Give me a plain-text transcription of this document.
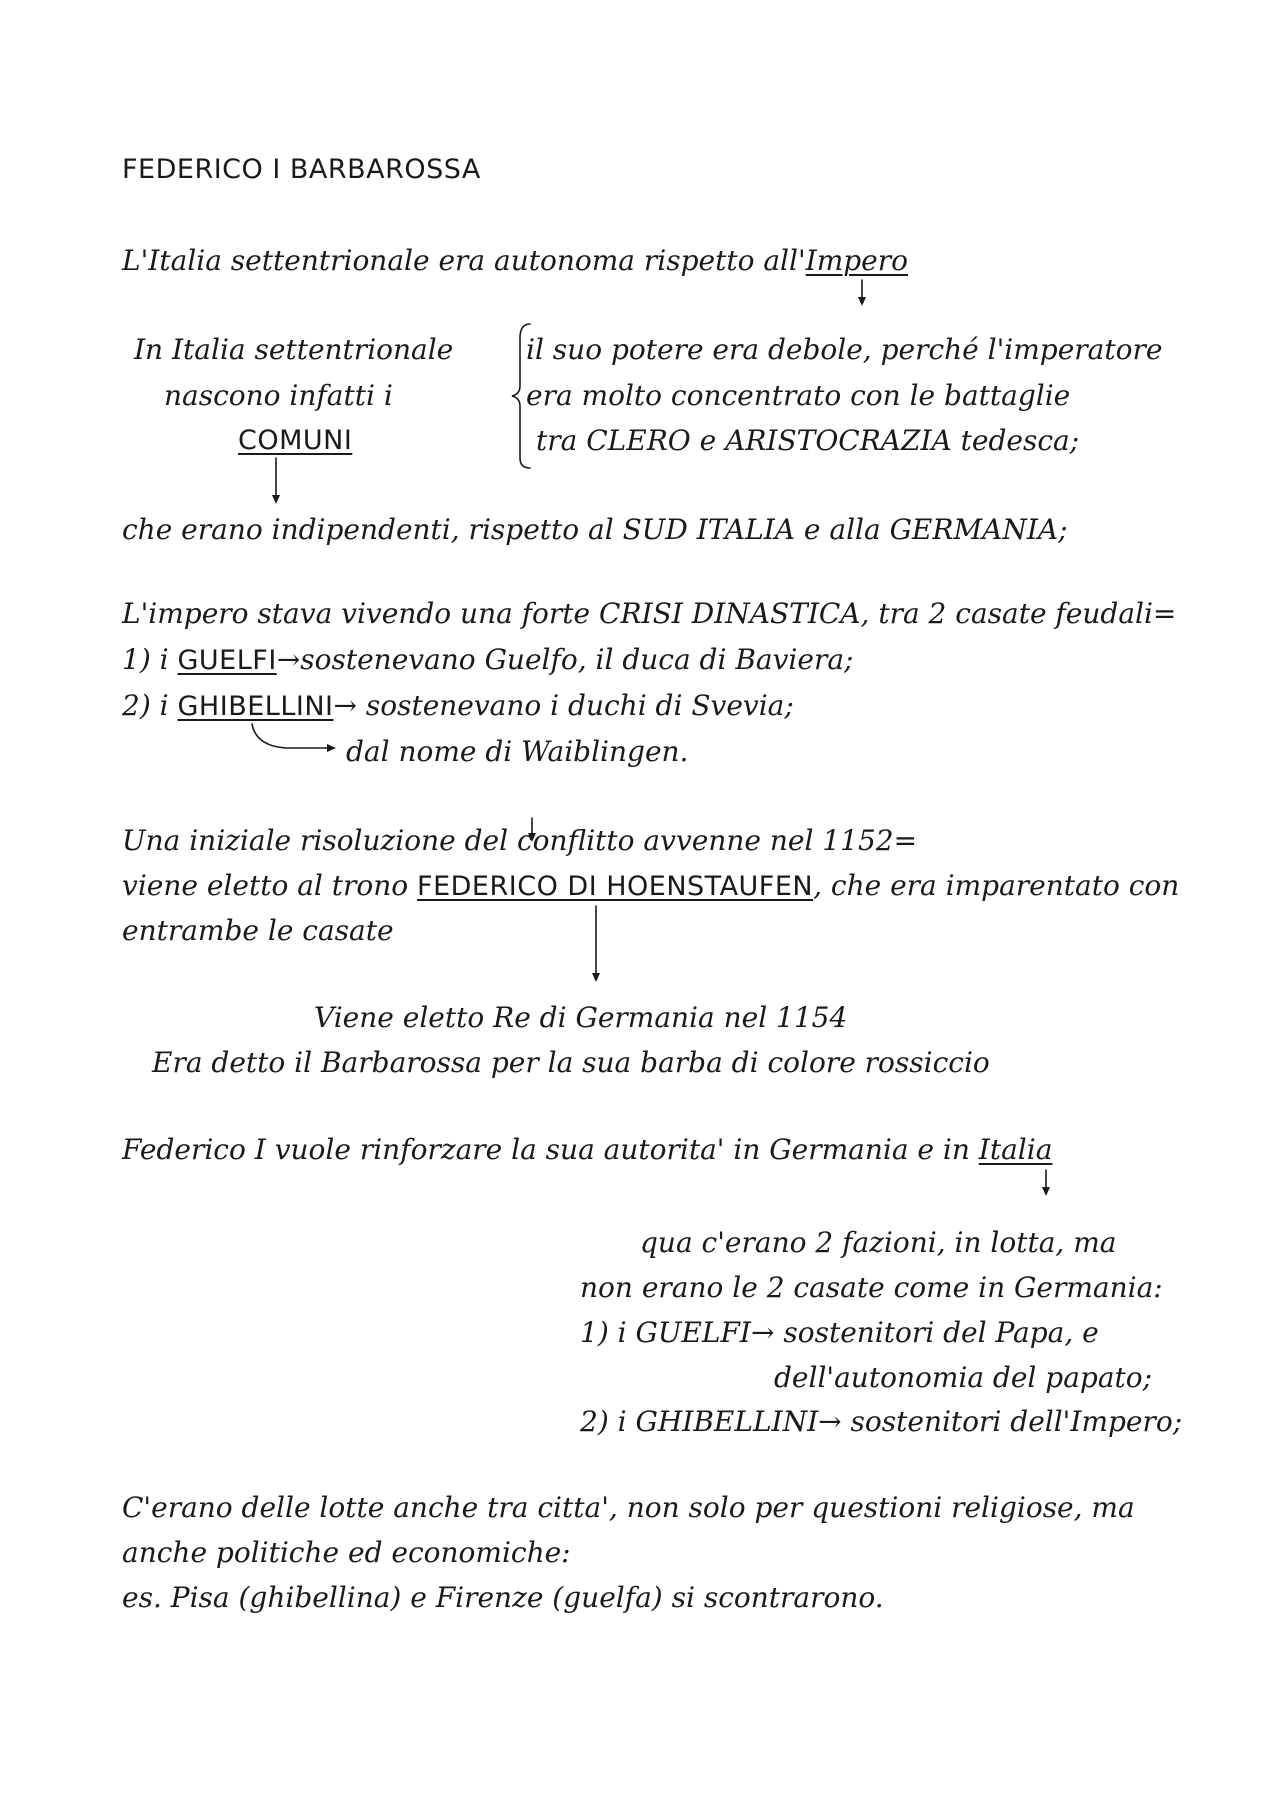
FEDERICO I BARBAROSSA
L'Italia settentrionale era autonoma rispetto all'Impero
In Italia settentrionale
nascono infatti i
COMUNI
il suo potere era debole, perché l'imperatore
era molto concentrato con le battaglie
tra CLERO e ARISTOCRAZIA tedesca;
che erano indipendenti, rispetto al SUD ITALIA e alla GERMANIA;
L'impero stava vivendo una forte CRISI DINASTICA, tra 2 casate feudali=
1) i GUELFI→sostenevano Guelfo, il duca di Baviera;
2) i GHIBELLINI→ sostenevano i duchi di Svevia;
dal nome di Waiblingen.
Una iniziale risoluzione del conflitto avvenne nel 1152=
viene eletto al trono FEDERICO DI HOENSTAUFEN, che era imparentato con
entrambe le casate
Viene eletto Re di Germania nel 1154
Era detto il Barbarossa per la sua barba di colore rossiccio
Federico I vuole rinforzare la sua autorita' in Germania e in Italia
qua c'erano 2 fazioni, in lotta, ma
non erano le 2 casate come in Germania:
1) i GUELFI→ sostenitori del Papa, e
dell'autonomia del papato;
2) i GHIBELLINI→ sostenitori dell'Impero;
C'erano delle lotte anche tra citta', non solo per questioni religiose, ma
anche politiche ed economiche:
es. Pisa (ghibellina) e Firenze (guelfa) si scontrarono.
